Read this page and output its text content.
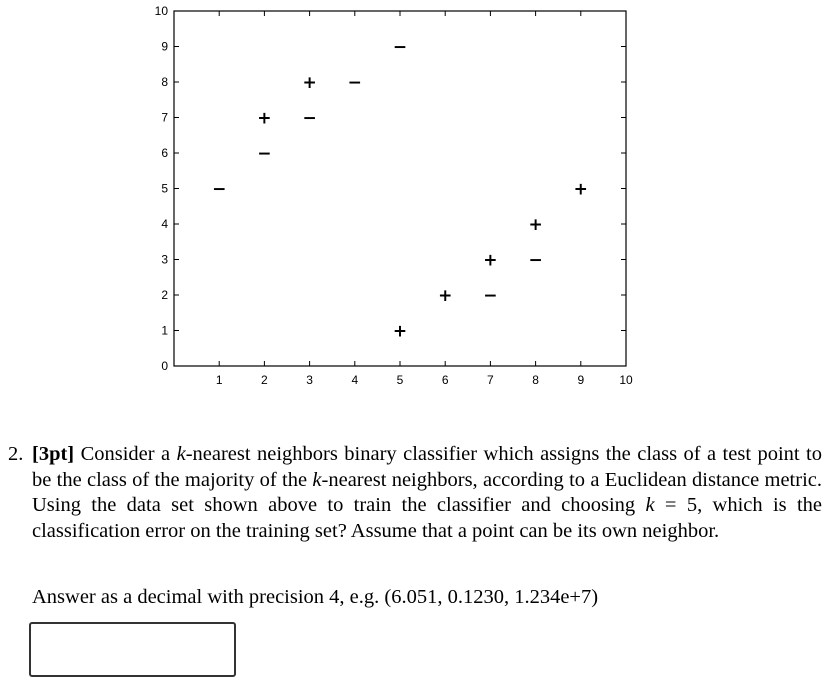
1	2	3	4	5	6	7	8	9	10
0
1
2
3
4
5
6
7
8
9
10
+
+
+
+
+
+
+
−
−
−
−
−
−
−
2. [3pt] Consider a k-nearest neighbors binary classifier which assigns the class of a test point to be the class of the majority of the k-nearest neighbors, according to a Euclidean distance metric. Using the data set shown above to train the classifier and choosing k = 5, which is the classification error on the training set? Assume that a point can be its own neighbor.
Answer as a decimal with precision 4, e.g. (6.051, 0.1230, 1.234e+7)
